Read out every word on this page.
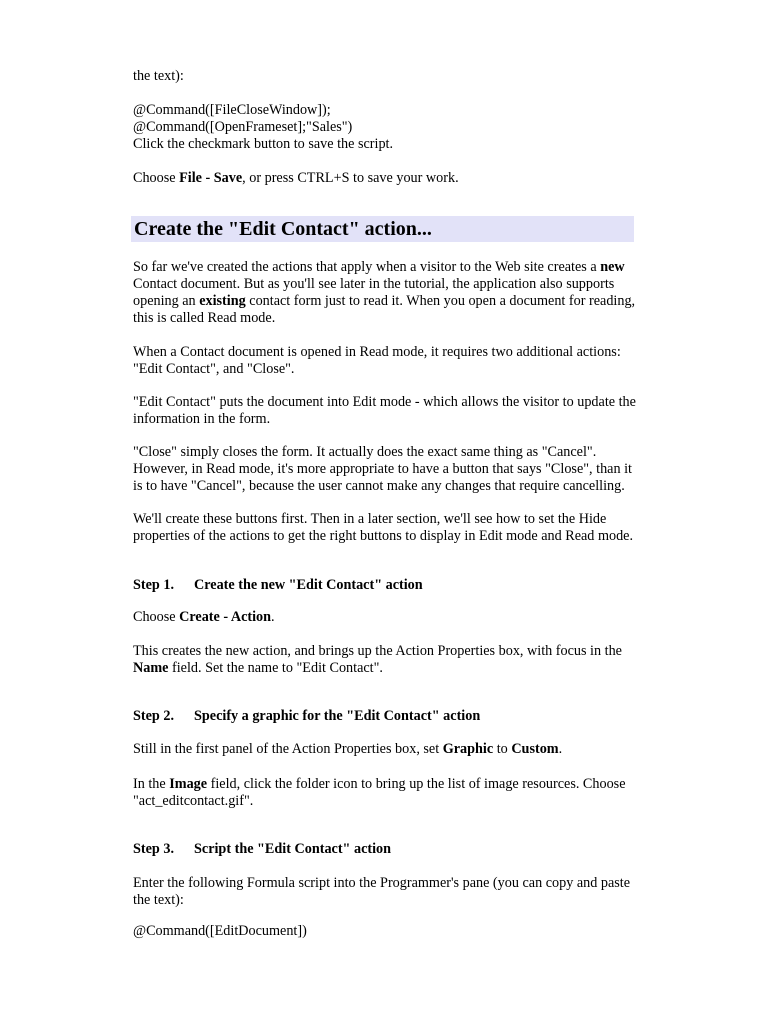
the text):

@Command([FileCloseWindow]);

@Command([OpenFrameset];"Sales")

Click the checkmark button to save the script.

Choose File - Save, or press CTRL+S to save your work.

Create the "Edit Contact" action...

So far we've created the actions that apply when a visitor to the Web site creates a new Contact document. But as you'll see later in the tutorial, the application also supports opening an existing contact form just to read it. When you open a document for reading, this is called Read mode.

When a Contact document is opened in Read mode, it requires two additional actions: "Edit Contact", and "Close".

"Edit Contact" puts the document into Edit mode - which allows the visitor to update the information in the form.

"Close" simply closes the form. It actually does the exact same thing as "Cancel". However, in Read mode, it's more appropriate to have a button that says "Close", than it is to have "Cancel", because the user cannot make any changes that require cancelling.

We'll create these buttons first. Then in a later section, we'll see how to set the Hide properties of the actions to get the right buttons to display in Edit mode and Read mode.

Step 1. Create the new "Edit Contact" action

Choose Create - Action.

This creates the new action, and brings up the Action Properties box, with focus in the Name field. Set the name to "Edit Contact".

Step 2. Specify a graphic for the "Edit Contact" action

Still in the first panel of the Action Properties box, set Graphic to Custom.

In the Image field, click the folder icon to bring up the list of image resources. Choose "act_editcontact.gif".

Step 3. Script the "Edit Contact" action

Enter the following Formula script into the Programmer's pane (you can copy and paste the text):

@Command([EditDocument])
